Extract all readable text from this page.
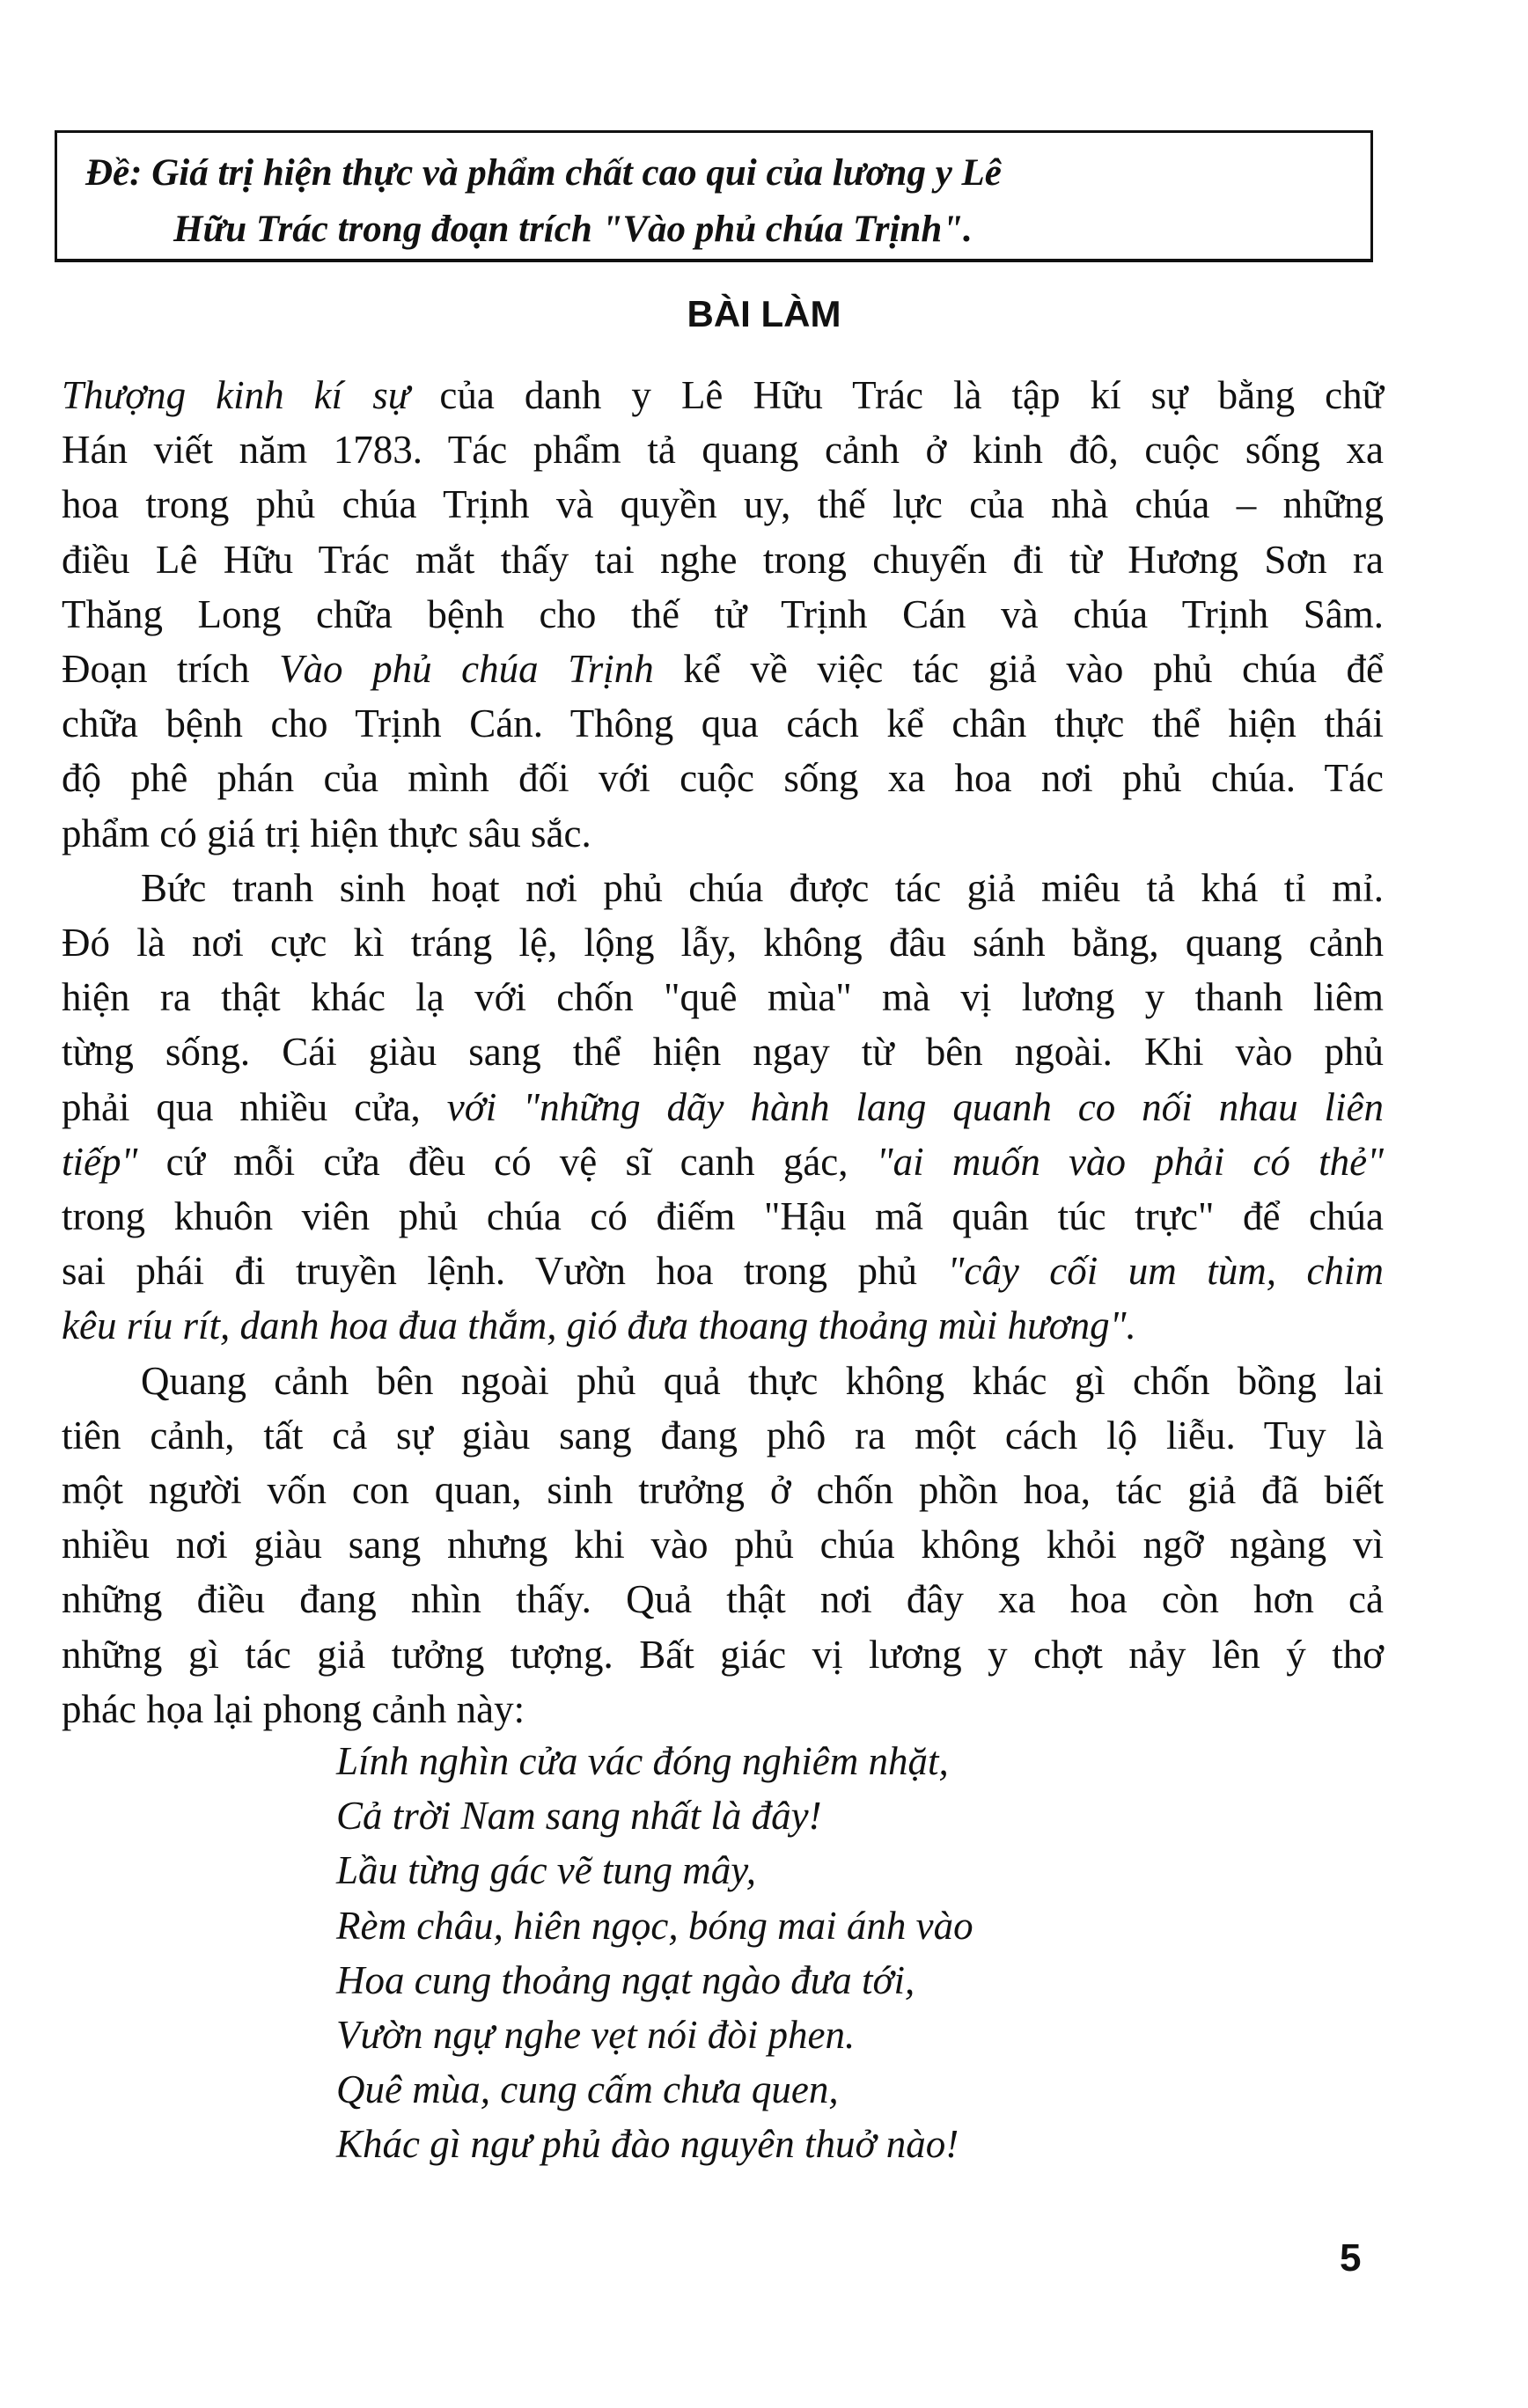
Đề: Giá trị hiện thực và phẩm chất cao qui của lương y Lê
Hữu Trác trong đoạn trích "Vào phủ chúa Trịnh".
BÀI LÀM

Thượng kinh kí sự của danh y Lê Hữu Trác là tập kí sự bằng chữ

Hán viết năm 1783. Tác phẩm tả quang cảnh ở kinh đô, cuộc sống xa

hoa trong phủ chúa Trịnh và quyền uy, thế lực của nhà chúa – những

điều Lê Hữu Trác mắt thấy tai nghe trong chuyến đi từ Hương Sơn ra

Thăng Long chữa bệnh cho thế tử Trịnh Cán và chúa Trịnh Sâm.

Đoạn trích Vào phủ chúa Trịnh kể về việc tác giả vào phủ chúa để

chữa bệnh cho Trịnh Cán. Thông qua cách kể chân thực thể hiện thái

độ phê phán của mình đối với cuộc sống xa hoa nơi phủ chúa. Tác

phẩm có giá trị hiện thực sâu sắc.

  Bức tranh sinh hoạt nơi phủ chúa được tác giả miêu tả khá tỉ mỉ.

Đó là nơi cực kì tráng lệ, lộng lẫy, không đâu sánh bằng, quang cảnh

hiện ra thật khác lạ với chốn "quê mùa" mà vị lương y thanh liêm

từng sống. Cái giàu sang thể hiện ngay từ bên ngoài. Khi vào phủ

phải qua nhiều cửa, với "những dãy hành lang quanh co nối nhau liên

tiếp" cứ mỗi cửa đều có vệ sĩ canh gác, "ai muốn vào phải có thẻ"

trong khuôn viên phủ chúa có điếm "Hậu mã quân túc trực" để chúa

sai phái đi truyền lệnh. Vườn hoa trong phủ "cây cối um tùm, chim

kêu ríu rít, danh hoa đua thắm, gió đưa thoang thoảng mùi hương".

  Quang cảnh bên ngoài phủ quả thực không khác gì chốn bồng lai

tiên cảnh, tất cả sự giàu sang đang phô ra một cách lộ liễu. Tuy là

một người vốn con quan, sinh trưởng ở chốn phồn hoa, tác giả đã biết

nhiều nơi giàu sang nhưng khi vào phủ chúa không khỏi ngỡ ngàng vì

những điều đang nhìn thấy. Quả thật nơi đây xa hoa còn hơn cả

những gì tác giả tưởng tượng. Bất giác vị lương y chợt nảy lên ý thơ

phác họa lại phong cảnh này:

Lính nghìn cửa vác đóng nghiêm nhặt,
Cả trời Nam sang nhất là đây!
Lầu từng gác vẽ tung mây,
Rèm châu, hiên ngọc, bóng mai ánh vào
Hoa cung thoảng ngạt ngào đưa tới,
Vườn ngự nghe vẹt nói đòi phen.
Quê mùa, cung cấm chưa quen,
Khác gì ngư phủ đào nguyên thuở nào!
5
